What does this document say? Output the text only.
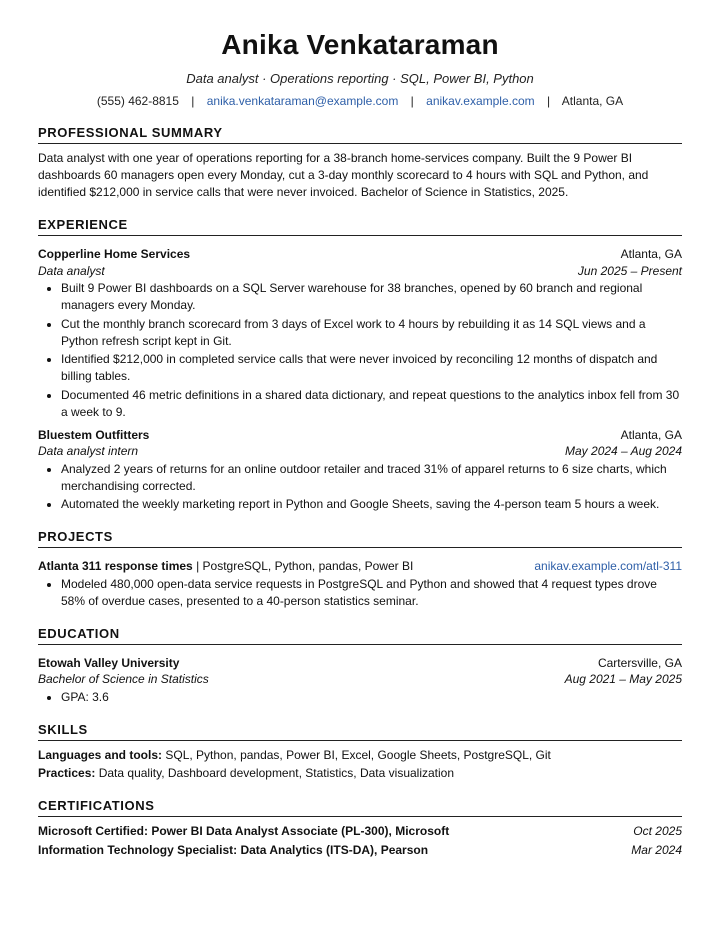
Anika Venkataraman
Data analyst · Operations reporting · SQL, Power BI, Python
(555) 462-8815 | anika.venkataraman@example.com | anikav.example.com | Atlanta, GA
PROFESSIONAL SUMMARY
Data analyst with one year of operations reporting for a 38-branch home-services company. Built the 9 Power BI dashboards 60 managers open every Monday, cut a 3-day monthly scorecard to 4 hours with SQL and Python, and identified $212,000 in service calls that were never invoiced. Bachelor of Science in Statistics, 2025.
EXPERIENCE
Copperline Home Services	Atlanta, GA
Data analyst	Jun 2025 – Present
• Built 9 Power BI dashboards on a SQL Server warehouse for 38 branches, opened by 60 branch and regional managers every Monday.
• Cut the monthly branch scorecard from 3 days of Excel work to 4 hours by rebuilding it as 14 SQL views and a Python refresh script kept in Git.
• Identified $212,000 in completed service calls that were never invoiced by reconciling 12 months of dispatch and billing tables.
• Documented 46 metric definitions in a shared data dictionary, and repeat questions to the analytics inbox fell from 30 a week to 9.
Bluestem Outfitters	Atlanta, GA
Data analyst intern	May 2024 – Aug 2024
• Analyzed 2 years of returns for an online outdoor retailer and traced 31% of apparel returns to 6 size charts, which merchandising corrected.
• Automated the weekly marketing report in Python and Google Sheets, saving the 4-person team 5 hours a week.
PROJECTS
Atlanta 311 response times | PostgreSQL, Python, pandas, Power BI	anikav.example.com/atl-311
• Modeled 480,000 open-data service requests in PostgreSQL and Python and showed that 4 request types drove 58% of overdue cases, presented to a 40-person statistics seminar.
EDUCATION
Etowah Valley University	Cartersville, GA
Bachelor of Science in Statistics	Aug 2021 – May 2025
• GPA: 3.6
SKILLS
Languages and tools: SQL, Python, pandas, Power BI, Excel, Google Sheets, PostgreSQL, Git
Practices: Data quality, Dashboard development, Statistics, Data visualization
CERTIFICATIONS
Microsoft Certified: Power BI Data Analyst Associate (PL-300), Microsoft	Oct 2025
Information Technology Specialist: Data Analytics (ITS-DA), Pearson	Mar 2024
